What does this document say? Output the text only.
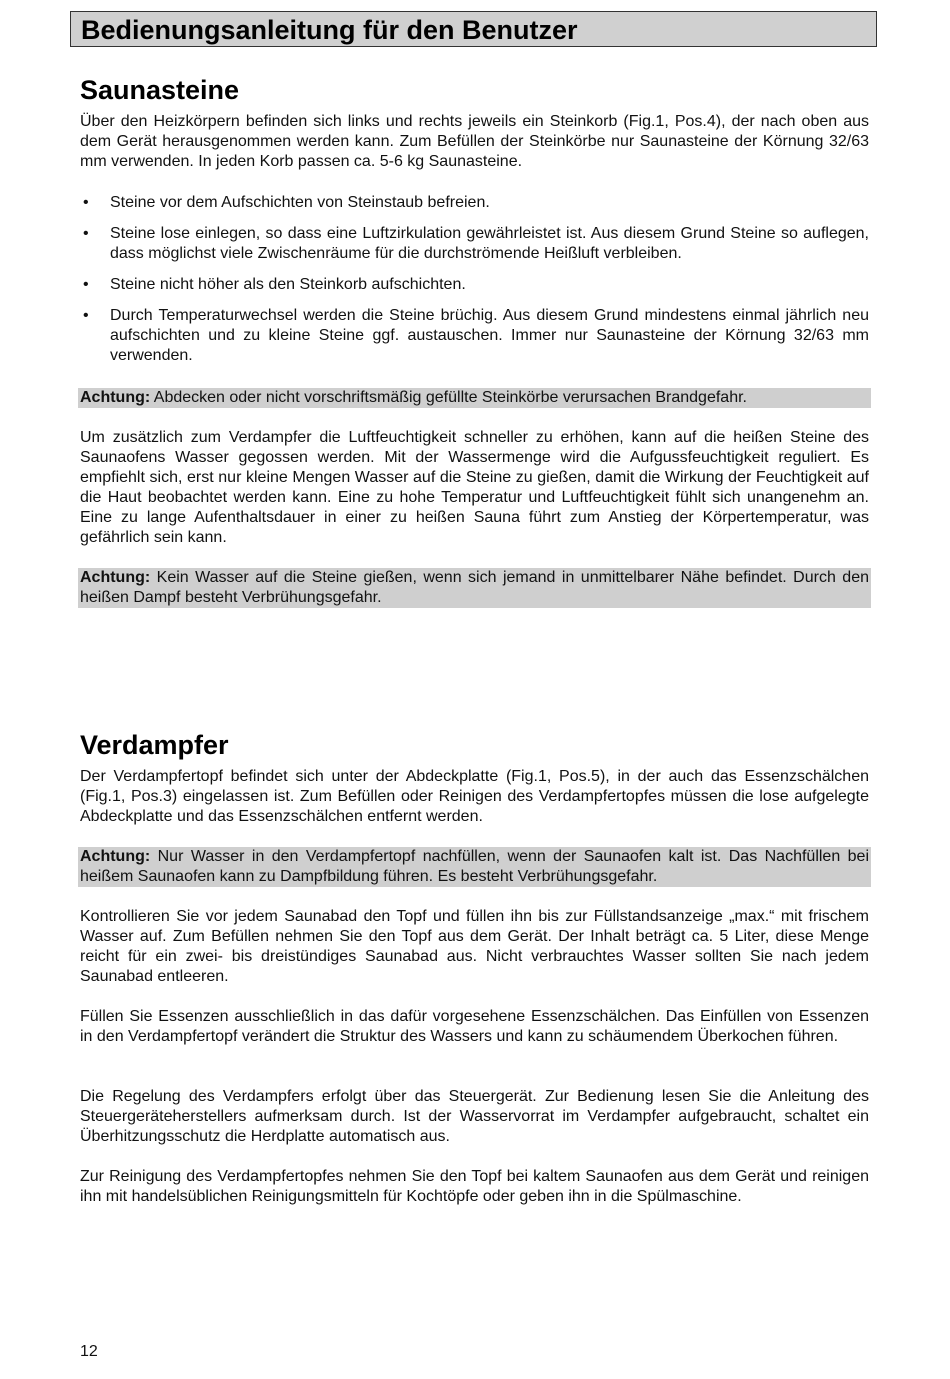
Bedienungsanleitung für den Benutzer
Saunasteine

Über den Heizkörpern befinden sich links und rechts jeweils ein Steinkorb (Fig.1, Pos.4), der nach oben aus dem Gerät herausgenommen werden kann. Zum Befüllen der Steinkörbe nur Saunasteine der Körnung 32/63 mm verwenden. In jeden Korb passen ca. 5-6 kg Saunasteine.

• Steine vor dem Aufschichten von Steinstaub befreien.
• Steine lose einlegen, so dass eine Luftzirkulation gewährleistet ist. Aus diesem Grund Steine so auflegen, dass möglichst viele Zwischenräume für die durchströmende Heißluft verbleiben.
• Steine nicht höher als den Steinkorb aufschichten.
• Durch Temperaturwechsel werden die Steine brüchig. Aus diesem Grund mindestens einmal jährlich neu aufschichten und zu kleine Steine ggf. austauschen. Immer nur Saunasteine der Körnung 32/63 mm verwenden.
Achtung: Abdecken oder nicht vorschriftsmäßig gefüllte Steinkörbe verursachen Brandgefahr.

Um zusätzlich zum Verdampfer die Luftfeuchtigkeit schneller zu erhöhen, kann auf die heißen Steine des Saunaofens Wasser gegossen werden. Mit der Wassermenge wird die Aufgussfeuchtigkeit reguliert. Es empfiehlt sich, erst nur kleine Mengen Wasser auf die Steine zu gießen, damit die Wirkung der Feuchtigkeit auf die Haut beobachtet werden kann. Eine zu hohe Temperatur und Luftfeuchtigkeit fühlt sich unangenehm an. Eine zu lange Aufenthaltsdauer in einer zu heißen Sauna führt zum Anstieg der Körpertemperatur, was gefährlich sein kann.

Achtung: Kein Wasser auf die Steine gießen, wenn sich jemand in unmittelbarer Nähe befindet. Durch den heißen Dampf besteht Verbrühungsgefahr.
Verdampfer

Der Verdampfertopf befindet sich unter der Abdeckplatte (Fig.1, Pos.5), in der auch das Essenzschälchen (Fig.1, Pos.3) eingelassen ist. Zum Befüllen oder Reinigen des Verdampfertopfes müssen die lose aufgelegte Abdeckplatte und das Essenzschälchen entfernt werden.

Achtung: Nur Wasser in den Verdampfertopf nachfüllen, wenn der Saunaofen kalt ist. Das Nachfüllen bei heißem Saunaofen kann zu Dampfbildung führen. Es besteht Verbrühungsgefahr.

Kontrollieren Sie vor jedem Saunabad den Topf und füllen ihn bis zur Füllstandsanzeige „max.“ mit frischem Wasser auf. Zum Befüllen nehmen Sie den Topf aus dem Gerät. Der Inhalt beträgt ca. 5 Liter, diese Menge reicht für ein zwei- bis dreistündiges Saunabad aus. Nicht verbrauchtes Wasser sollten Sie nach jedem Saunabad entleeren.

Füllen Sie Essenzen ausschließlich in das dafür vorgesehene Essenzschälchen. Das Einfüllen von Essenzen in den Verdampfertopf verändert die Struktur des Wassers und kann zu schäumendem Überkochen führen.

Die Regelung des Verdampfers erfolgt über das Steuergerät. Zur Bedienung lesen Sie die Anleitung des Steuergeräteherstellers aufmerksam durch. Ist der Wasservorrat im Verdampfer aufgebraucht, schaltet ein Überhitzungsschutz die Herdplatte automatisch aus.

Zur Reinigung des Verdampfertopfes nehmen Sie den Topf bei kaltem Saunaofen aus dem Gerät und reinigen ihn mit handelsüblichen Reinigungsmitteln für Kochtöpfe oder geben ihn in die Spülmaschine.

12
